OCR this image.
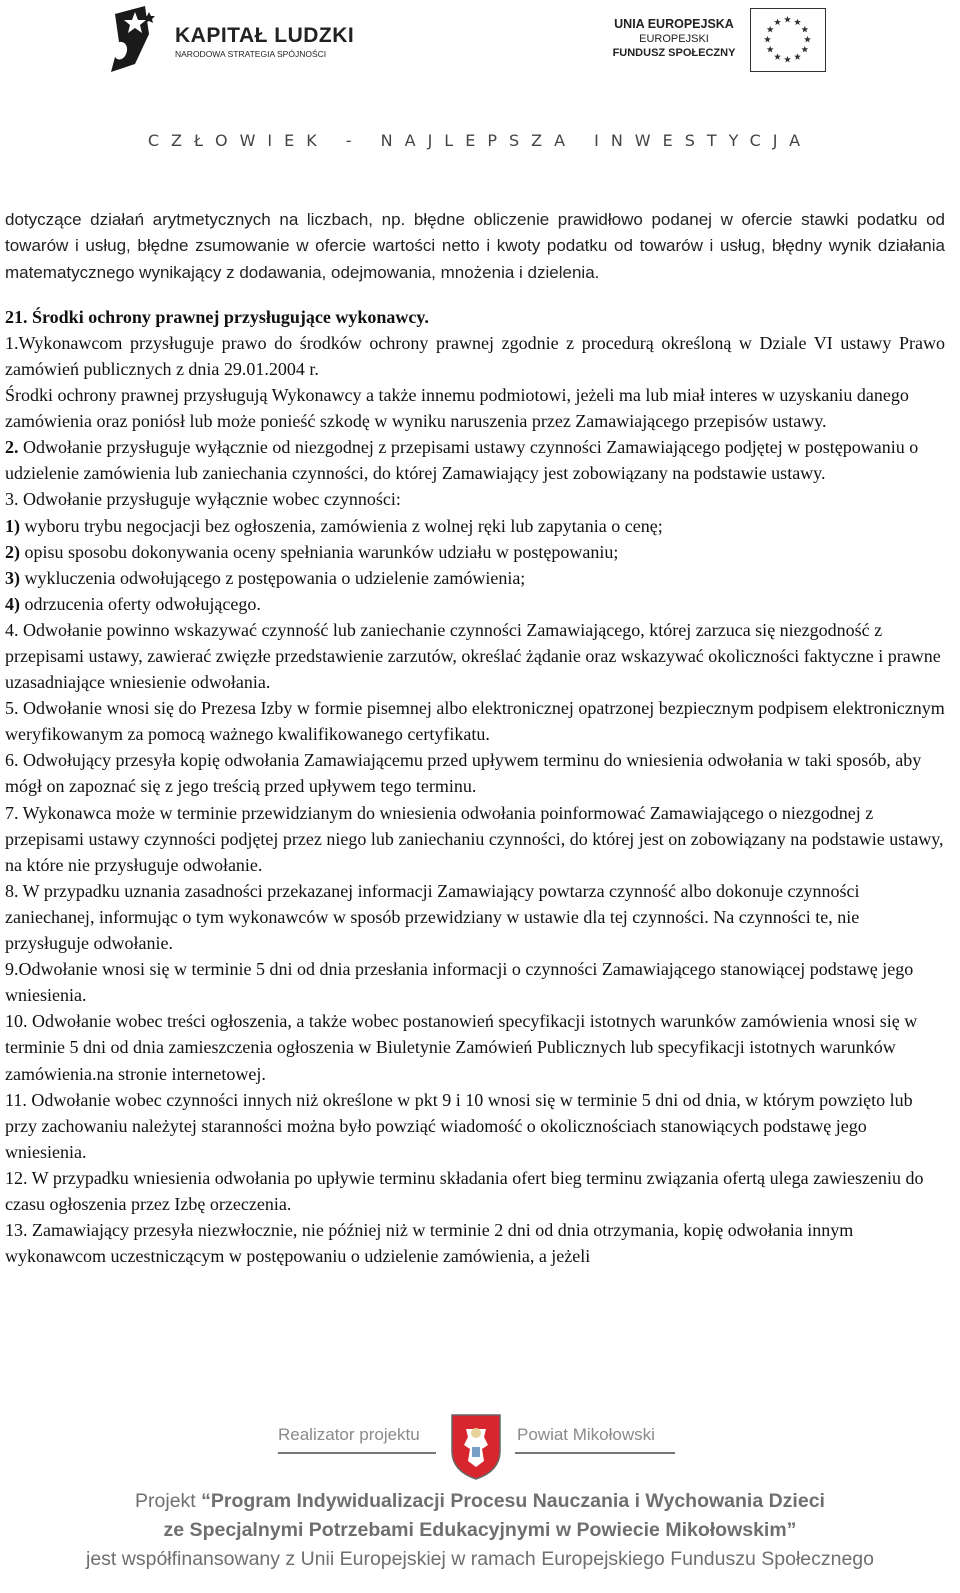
KAPITAŁ LUDZKI
NARODOWA STRATEGIA SPÓJNOŚCI
UNIA EUROPEJSKA
EUROPEJSKI
FUNDUSZ SPOŁECZNY
CZŁOWIEK - NAJLEPSZA INWESTYCJA

dotyczące działań arytmetycznych na liczbach, np. błędne obliczenie prawidłowo podanej w ofercie stawki podatku od towarów i usług, błędne zsumowanie w ofercie wartości netto i kwoty podatku od towarów i usług, błędny wynik działania matematycznego wynikający z dodawania, odejmowania, mnożenia i dzielenia.

21. Środki ochrony prawnej przysługujące wykonawcy.

1.Wykonawcom przysługuje prawo do środków ochrony prawnej zgodnie z procedurą określoną w Dziale VI ustawy Prawo zamówień publicznych z dnia 29.01.2004 r.

Środki ochrony prawnej przysługują Wykonawcy a także innemu podmiotowi, jeżeli ma lub miał interes w uzyskaniu danego zamówienia oraz poniósł lub może ponieść szkodę w wyniku naruszenia przez Zamawiającego przepisów ustawy.

2. Odwołanie przysługuje wyłącznie od niezgodnej z przepisami ustawy czynności Zamawiającego podjętej w postępowaniu o udzielenie zamówienia lub zaniechania czynności, do której Zamawiający jest zobowiązany na podstawie ustawy.

3. Odwołanie przysługuje wyłącznie wobec czynności:

1) wyboru trybu negocjacji bez ogłoszenia, zamówienia z wolnej ręki lub zapytania o cenę;

2) opisu sposobu dokonywania oceny spełniania warunków udziału w postępowaniu;

3) wykluczenia odwołującego z postępowania o udzielenie zamówienia;

4) odrzucenia oferty odwołującego.

4. Odwołanie powinno wskazywać czynność lub zaniechanie czynności Zamawiającego, której zarzuca się niezgodność z przepisami ustawy, zawierać zwięzłe przedstawienie zarzutów, określać żądanie oraz wskazywać okoliczności faktyczne i prawne uzasadniające wniesienie odwołania.

5. Odwołanie wnosi się do Prezesa Izby w formie pisemnej albo elektronicznej opatrzonej bezpiecznym podpisem elektronicznym weryfikowanym za pomocą ważnego kwalifikowanego certyfikatu.

6. Odwołujący przesyła kopię odwołania Zamawiającemu przed upływem terminu do wniesienia odwołania w taki sposób, aby mógł on zapoznać się z jego treścią przed upływem tego terminu.

7. Wykonawca może w terminie przewidzianym do wniesienia odwołania poinformować Zamawiającego o niezgodnej z przepisami ustawy czynności podjętej przez niego lub zaniechaniu czynności, do której jest on zobowiązany na podstawie ustawy, na które nie przysługuje odwołanie.

8. W przypadku uznania zasadności przekazanej informacji Zamawiający powtarza czynność albo dokonuje czynności zaniechanej, informując o tym wykonawców w sposób przewidziany w ustawie dla tej czynności. Na czynności te, nie przysługuje odwołanie.

9.Odwołanie wnosi się w terminie 5 dni od dnia przesłania informacji o czynności Zamawiającego stanowiącej podstawę jego wniesienia.

10. Odwołanie wobec treści ogłoszenia, a także wobec postanowień specyfikacji istotnych warunków zamówienia wnosi się w terminie 5 dni od dnia zamieszczenia ogłoszenia w Biuletynie Zamówień Publicznych lub specyfikacji istotnych warunków zamówienia.na stronie internetowej.

11. Odwołanie wobec czynności innych niż określone w pkt 9 i 10 wnosi się w terminie 5 dni od dnia, w którym powzięto lub przy zachowaniu należytej staranności można było powziąć wiadomość o okolicznościach stanowiących podstawę jego wniesienia.

12. W przypadku wniesienia odwołania po upływie terminu składania ofert bieg terminu związania ofertą ulega zawieszeniu do czasu ogłoszenia przez Izbę orzeczenia.

13. Zamawiający przesyła niezwłocznie, nie później niż w terminie 2 dni od dnia otrzymania, kopię odwołania innym wykonawcom uczestniczącym w postępowaniu o udzielenie zamówienia, a jeżeli

Realizator projektu	Powiat Mikołowski
Projekt “Program Indywidualizacji Procesu Nauczania i Wychowania Dzieci
ze Specjalnymi Potrzebami Edukacyjnymi w Powiecie Mikołowskim”
jest współfinansowany z Unii Europejskiej w ramach Europejskiego Funduszu Społecznego
